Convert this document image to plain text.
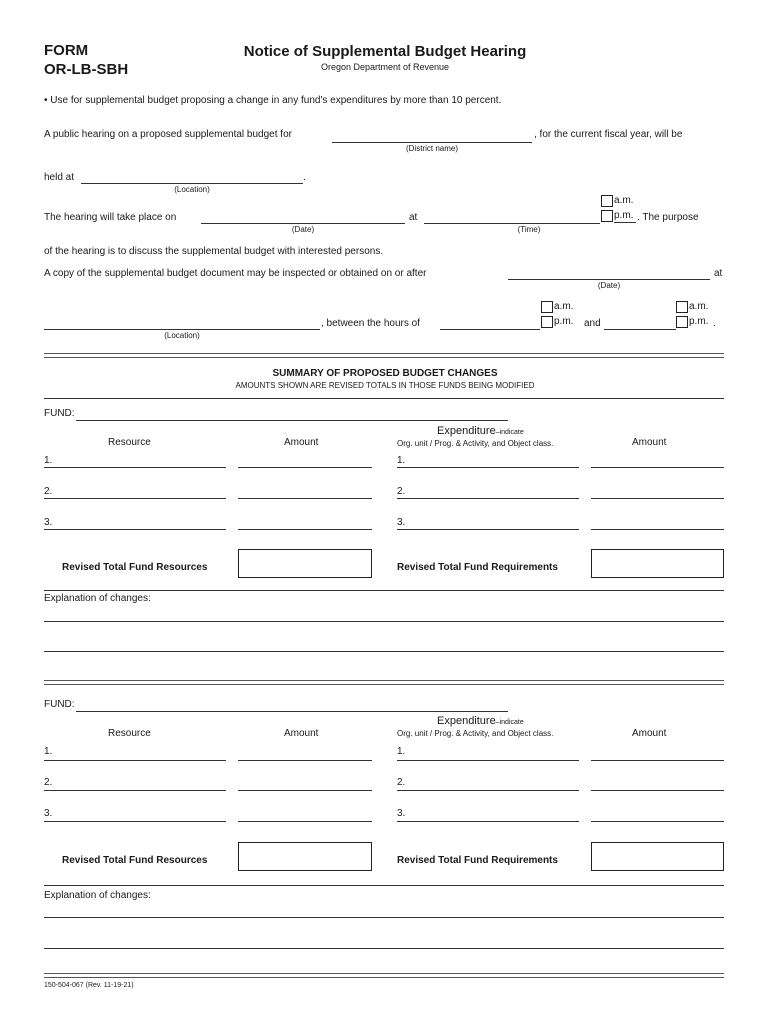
FORM
OR-LB-SBH
Notice of Supplemental Budget Hearing
Oregon Department of Revenue
• Use for supplemental budget proposing a change in any fund's expenditures by more than 10 percent.
A public hearing on a proposed supplemental budget for	, for the current fiscal year, will be
(District name)
held at	.
(Location)
a.m.
p.m. . The purpose
The hearing will take place on	at
(Date)	(Time)
of the hearing is to discuss the supplemental budget with interested persons.
A copy of the supplemental budget document may be inspected or obtained on or after	at
(Date)
a.m.
p.m.
a.m.
p.m.
, between the hours of	and	.
(Location)
SUMMARY OF PROPOSED BUDGET CHANGES
AMOUNTS SHOWN ARE REVISED TOTALS IN THOSE FUNDS BEING MODIFIED
FUND:
Resource	Amount
Expenditure–indicate
Org. unit / Prog. & Activity, and Object class.	Amount
1.	1.
2.	2.
3.	3.
Revised Total Fund Resources	Revised Total Fund Requirements
Explanation of changes:
FUND:
Resource	Amount
Expenditure–indicate
Org. unit / Prog. & Activity, and Object class.	Amount
1.	1.
2.	2.
3.	3.
Revised Total Fund Resources	Revised Total Fund Requirements
Explanation of changes:
150-504-067 (Rev. 11-19-21)
